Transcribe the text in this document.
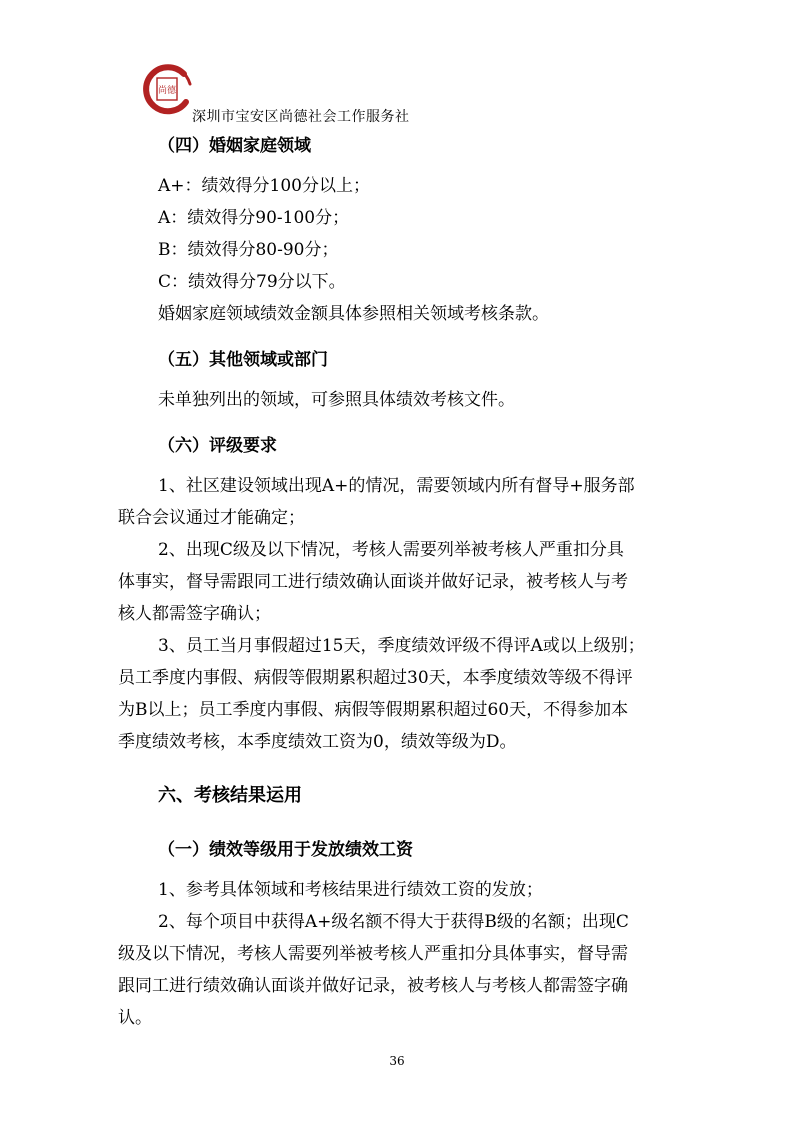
尚德
深圳市宝安区尚德社会工作服务社

（四）婚姻家庭领域

A+：绩效得分100分以上；

A：绩效得分90-100分；

B：绩效得分80-90分；

C：绩效得分79分以下。

婚姻家庭领域绩效金额具体参照相关领域考核条款。

（五）其他领域或部门

未单独列出的领域，可参照具体绩效考核文件。

（六）评级要求

1、社区建设领域出现A+的情况，需要领域内所有督导+服务部

联合会议通过才能确定；

2、出现C级及以下情况，考核人需要列举被考核人严重扣分具

体事实，督导需跟同工进行绩效确认面谈并做好记录，被考核人与考

核人都需签字确认；

3、员工当月事假超过15天，季度绩效评级不得评A或以上级别；

员工季度内事假、病假等假期累积超过30天，本季度绩效等级不得评

为B以上；员工季度内事假、病假等假期累积超过60天，不得参加本

季度绩效考核，本季度绩效工资为0，绩效等级为D。

六、考核结果运用

（一）绩效等级用于发放绩效工资

1、参考具体领域和考核结果进行绩效工资的发放；

2、每个项目中获得A+级名额不得大于获得B级的名额；出现C

级及以下情况，考核人需要列举被考核人严重扣分具体事实，督导需

跟同工进行绩效确认面谈并做好记录，被考核人与考核人都需签字确

认。

36
